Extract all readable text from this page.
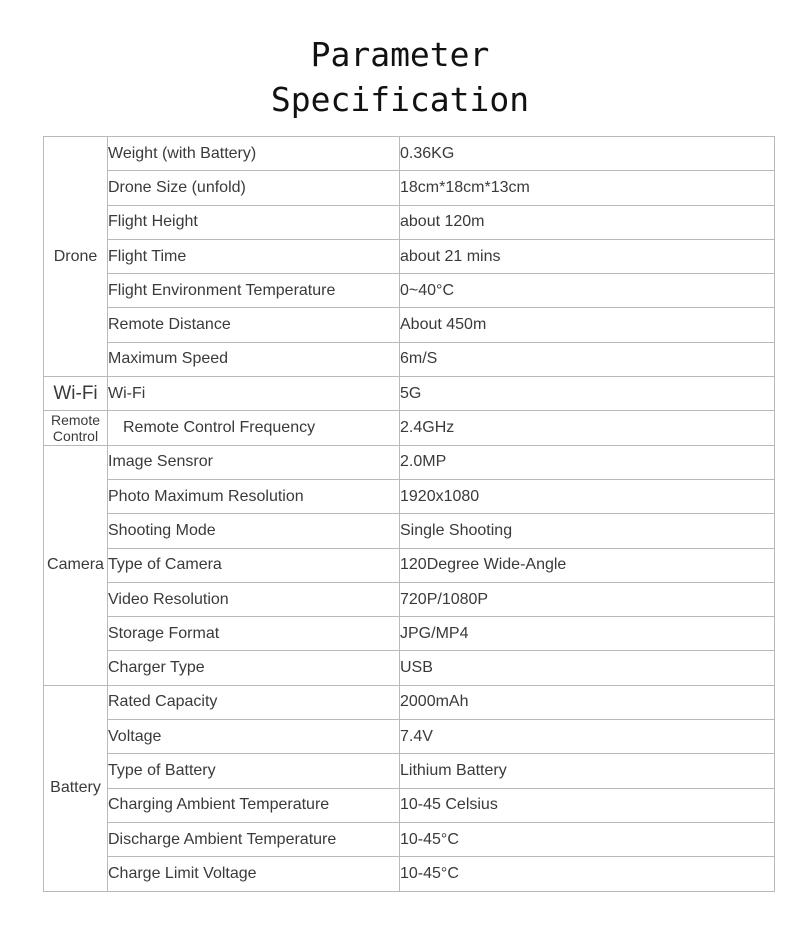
Parameter
Specification
Drone	Weight (with Battery)	0.36KG
	Drone Size (unfold)	18cm*18cm*13cm
	Flight Height	about 120m
	Flight Time	about 21 mins
	Flight Environment Temperature	0~40°C
	Remote Distance	About 450m
	Maximum Speed	6m/S
Wi-Fi	Wi-Fi	5G
Remote Control	Remote Control Frequency	2.4GHz
Camera	Image Sensror	2.0MP
	Photo Maximum Resolution	1920x1080
	Shooting Mode	Single Shooting
	Type of Camera	120Degree Wide-Angle
	Video Resolution	720P/1080P
	Storage Format	JPG/MP4
	Charger Type	USB
Battery	Rated Capacity	2000mAh
	Voltage	7.4V
	Type of Battery	Lithium Battery
	Charging Ambient Temperature	10-45 Celsius
	Discharge Ambient Temperature	10-45°C
	Charge Limit Voltage	10-45°C
